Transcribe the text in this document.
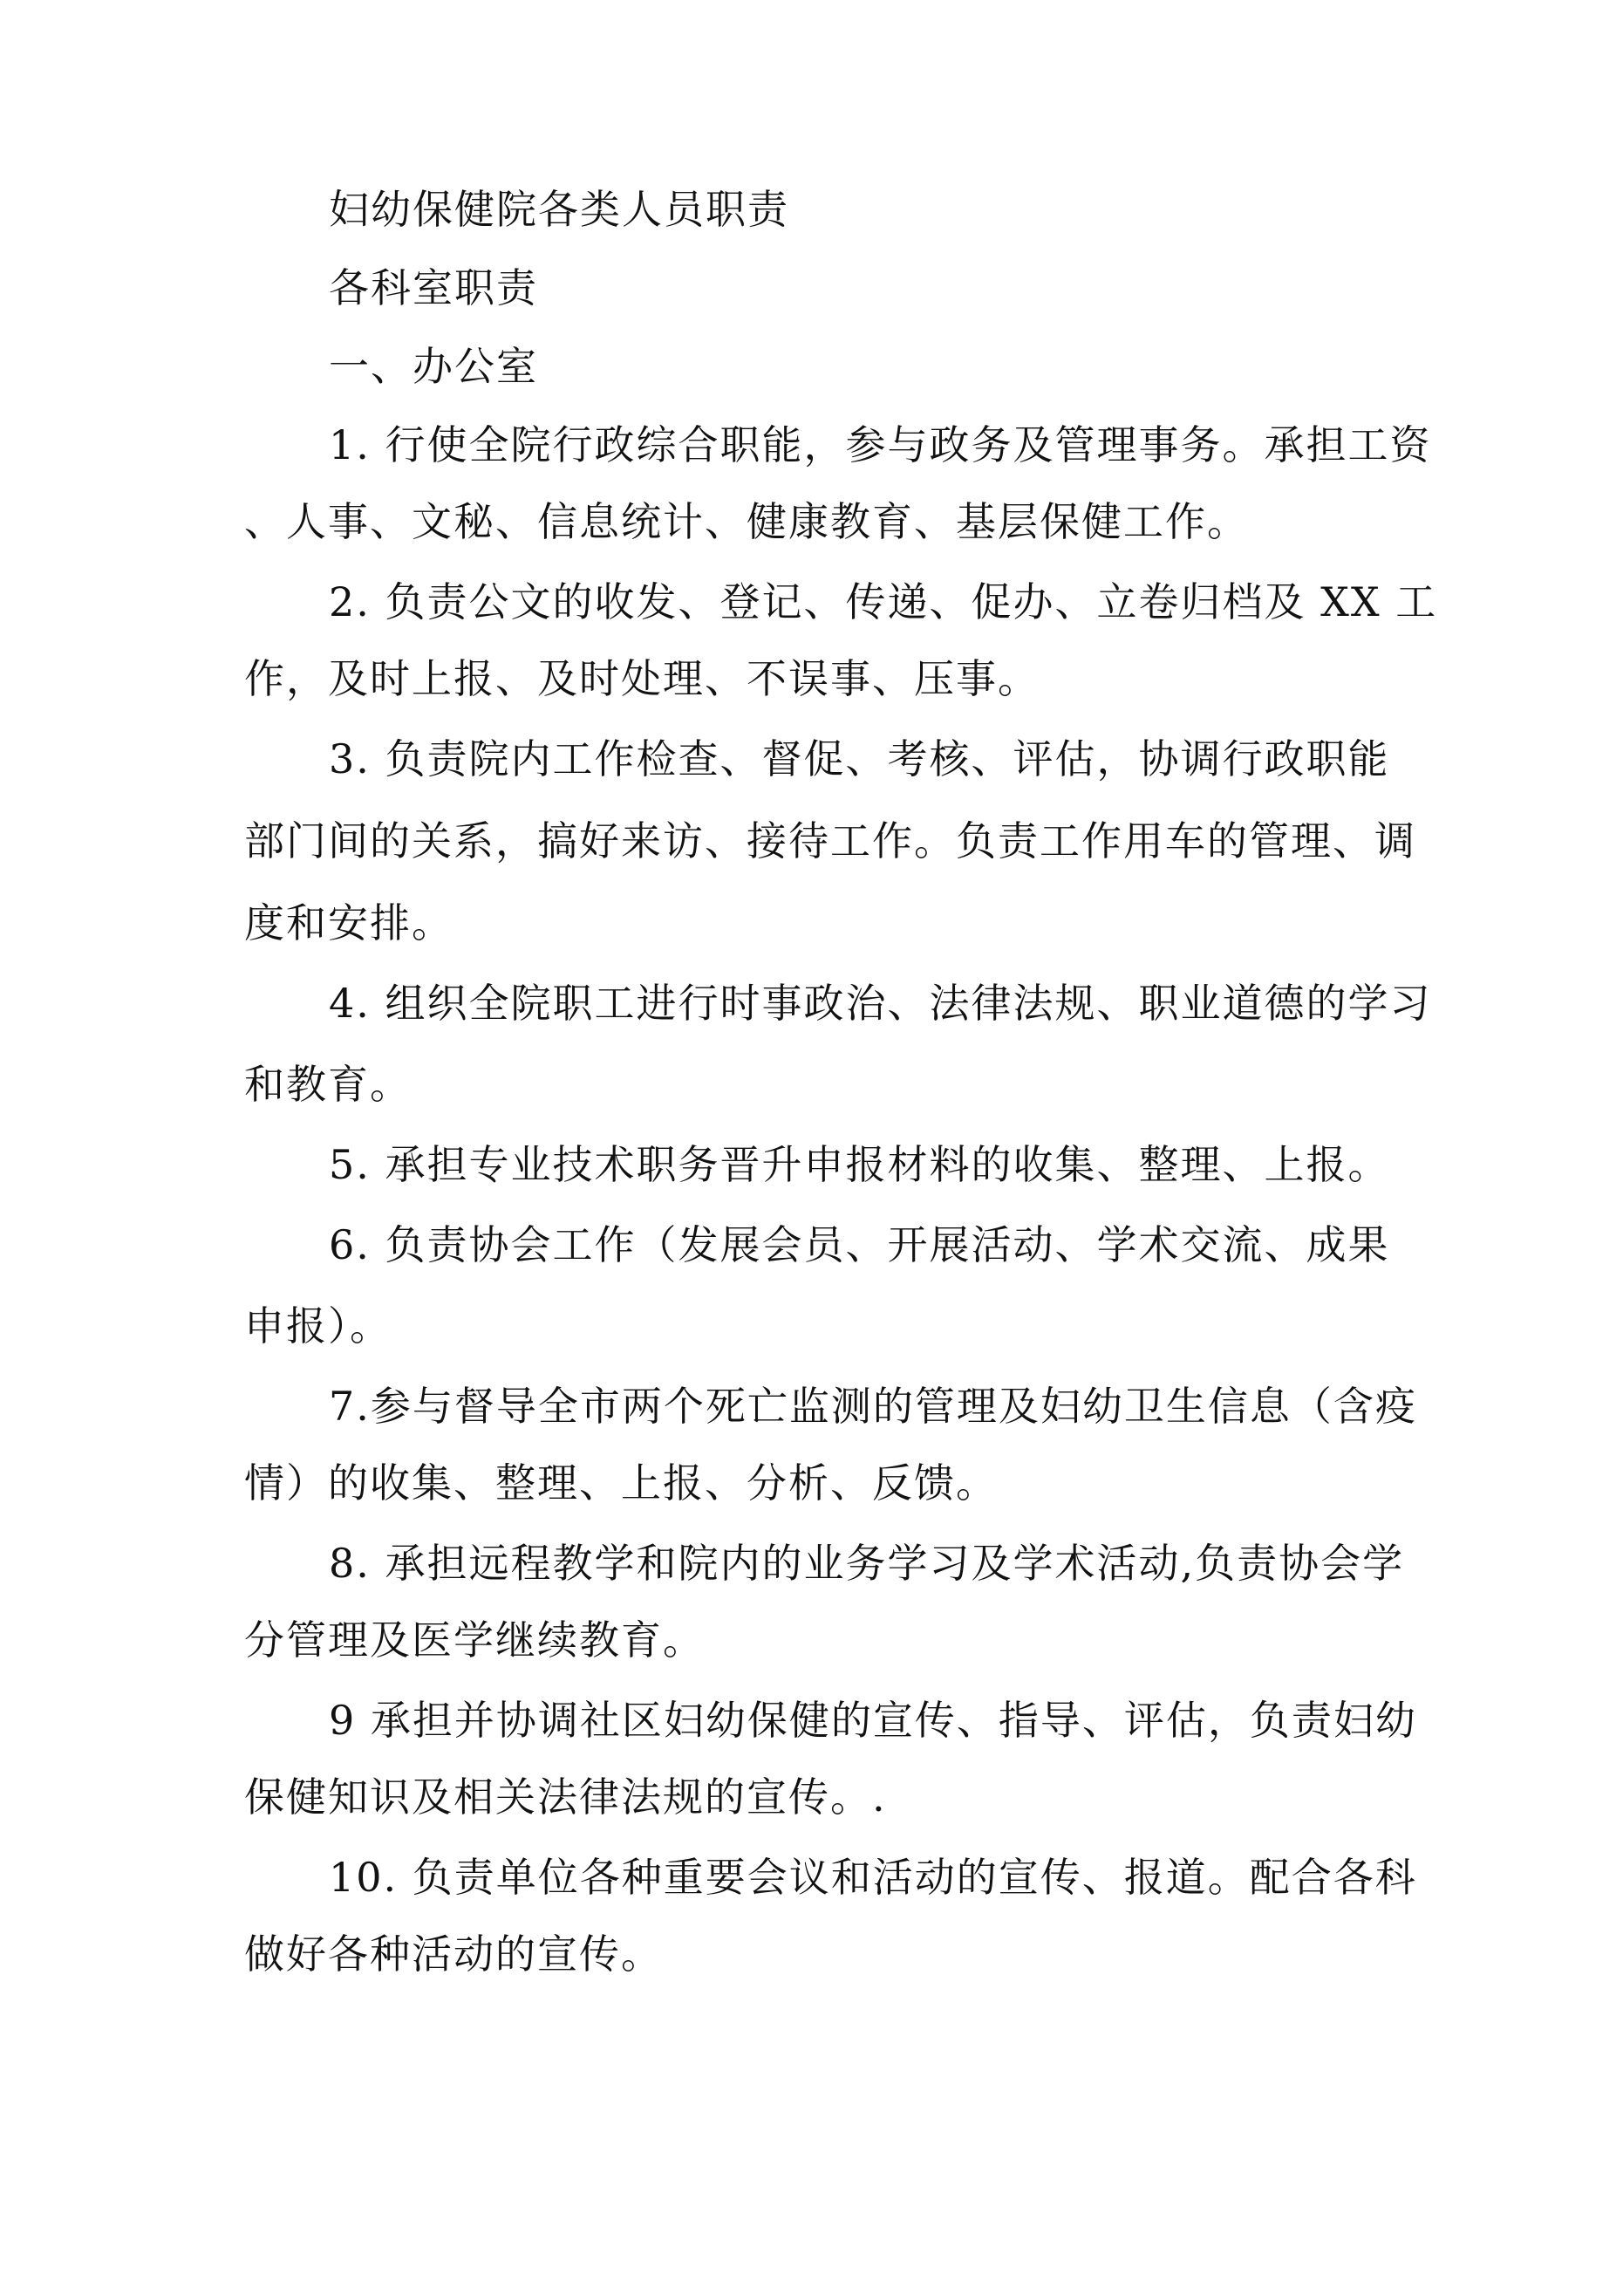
妇幼保健院各类人员职责
各科室职责
一、办公室
1. 行使全院行政综合职能，参与政务及管理事务。承担工资
、人事、文秘、信息统计、健康教育、基层保健工作。
2. 负责公文的收发、登记、传递、促办、立卷归档及 XX 工
作，及时上报、及时处理、不误事、压事。
3. 负责院内工作检查、督促、考核、评估，协调行政职能
部门间的关系，搞好来访、接待工作。负责工作用车的管理、调
度和安排。
4. 组织全院职工进行时事政治、法律法规、职业道德的学习
和教育。
5. 承担专业技术职务晋升申报材料的收集、整理、上报。
6. 负责协会工作（发展会员、开展活动、学术交流、成果
申报）。
7.参与督导全市两个死亡监测的管理及妇幼卫生信息（含疫
情）的收集、整理、上报、分析、反馈。
8. 承担远程教学和院内的业务学习及学术活动,负责协会学
分管理及医学继续教育。
9 承担并协调社区妇幼保健的宣传、指导、评估，负责妇幼
保健知识及相关法律法规的宣传。.
10. 负责单位各种重要会议和活动的宣传、报道。配合各科
做好各种活动的宣传。
